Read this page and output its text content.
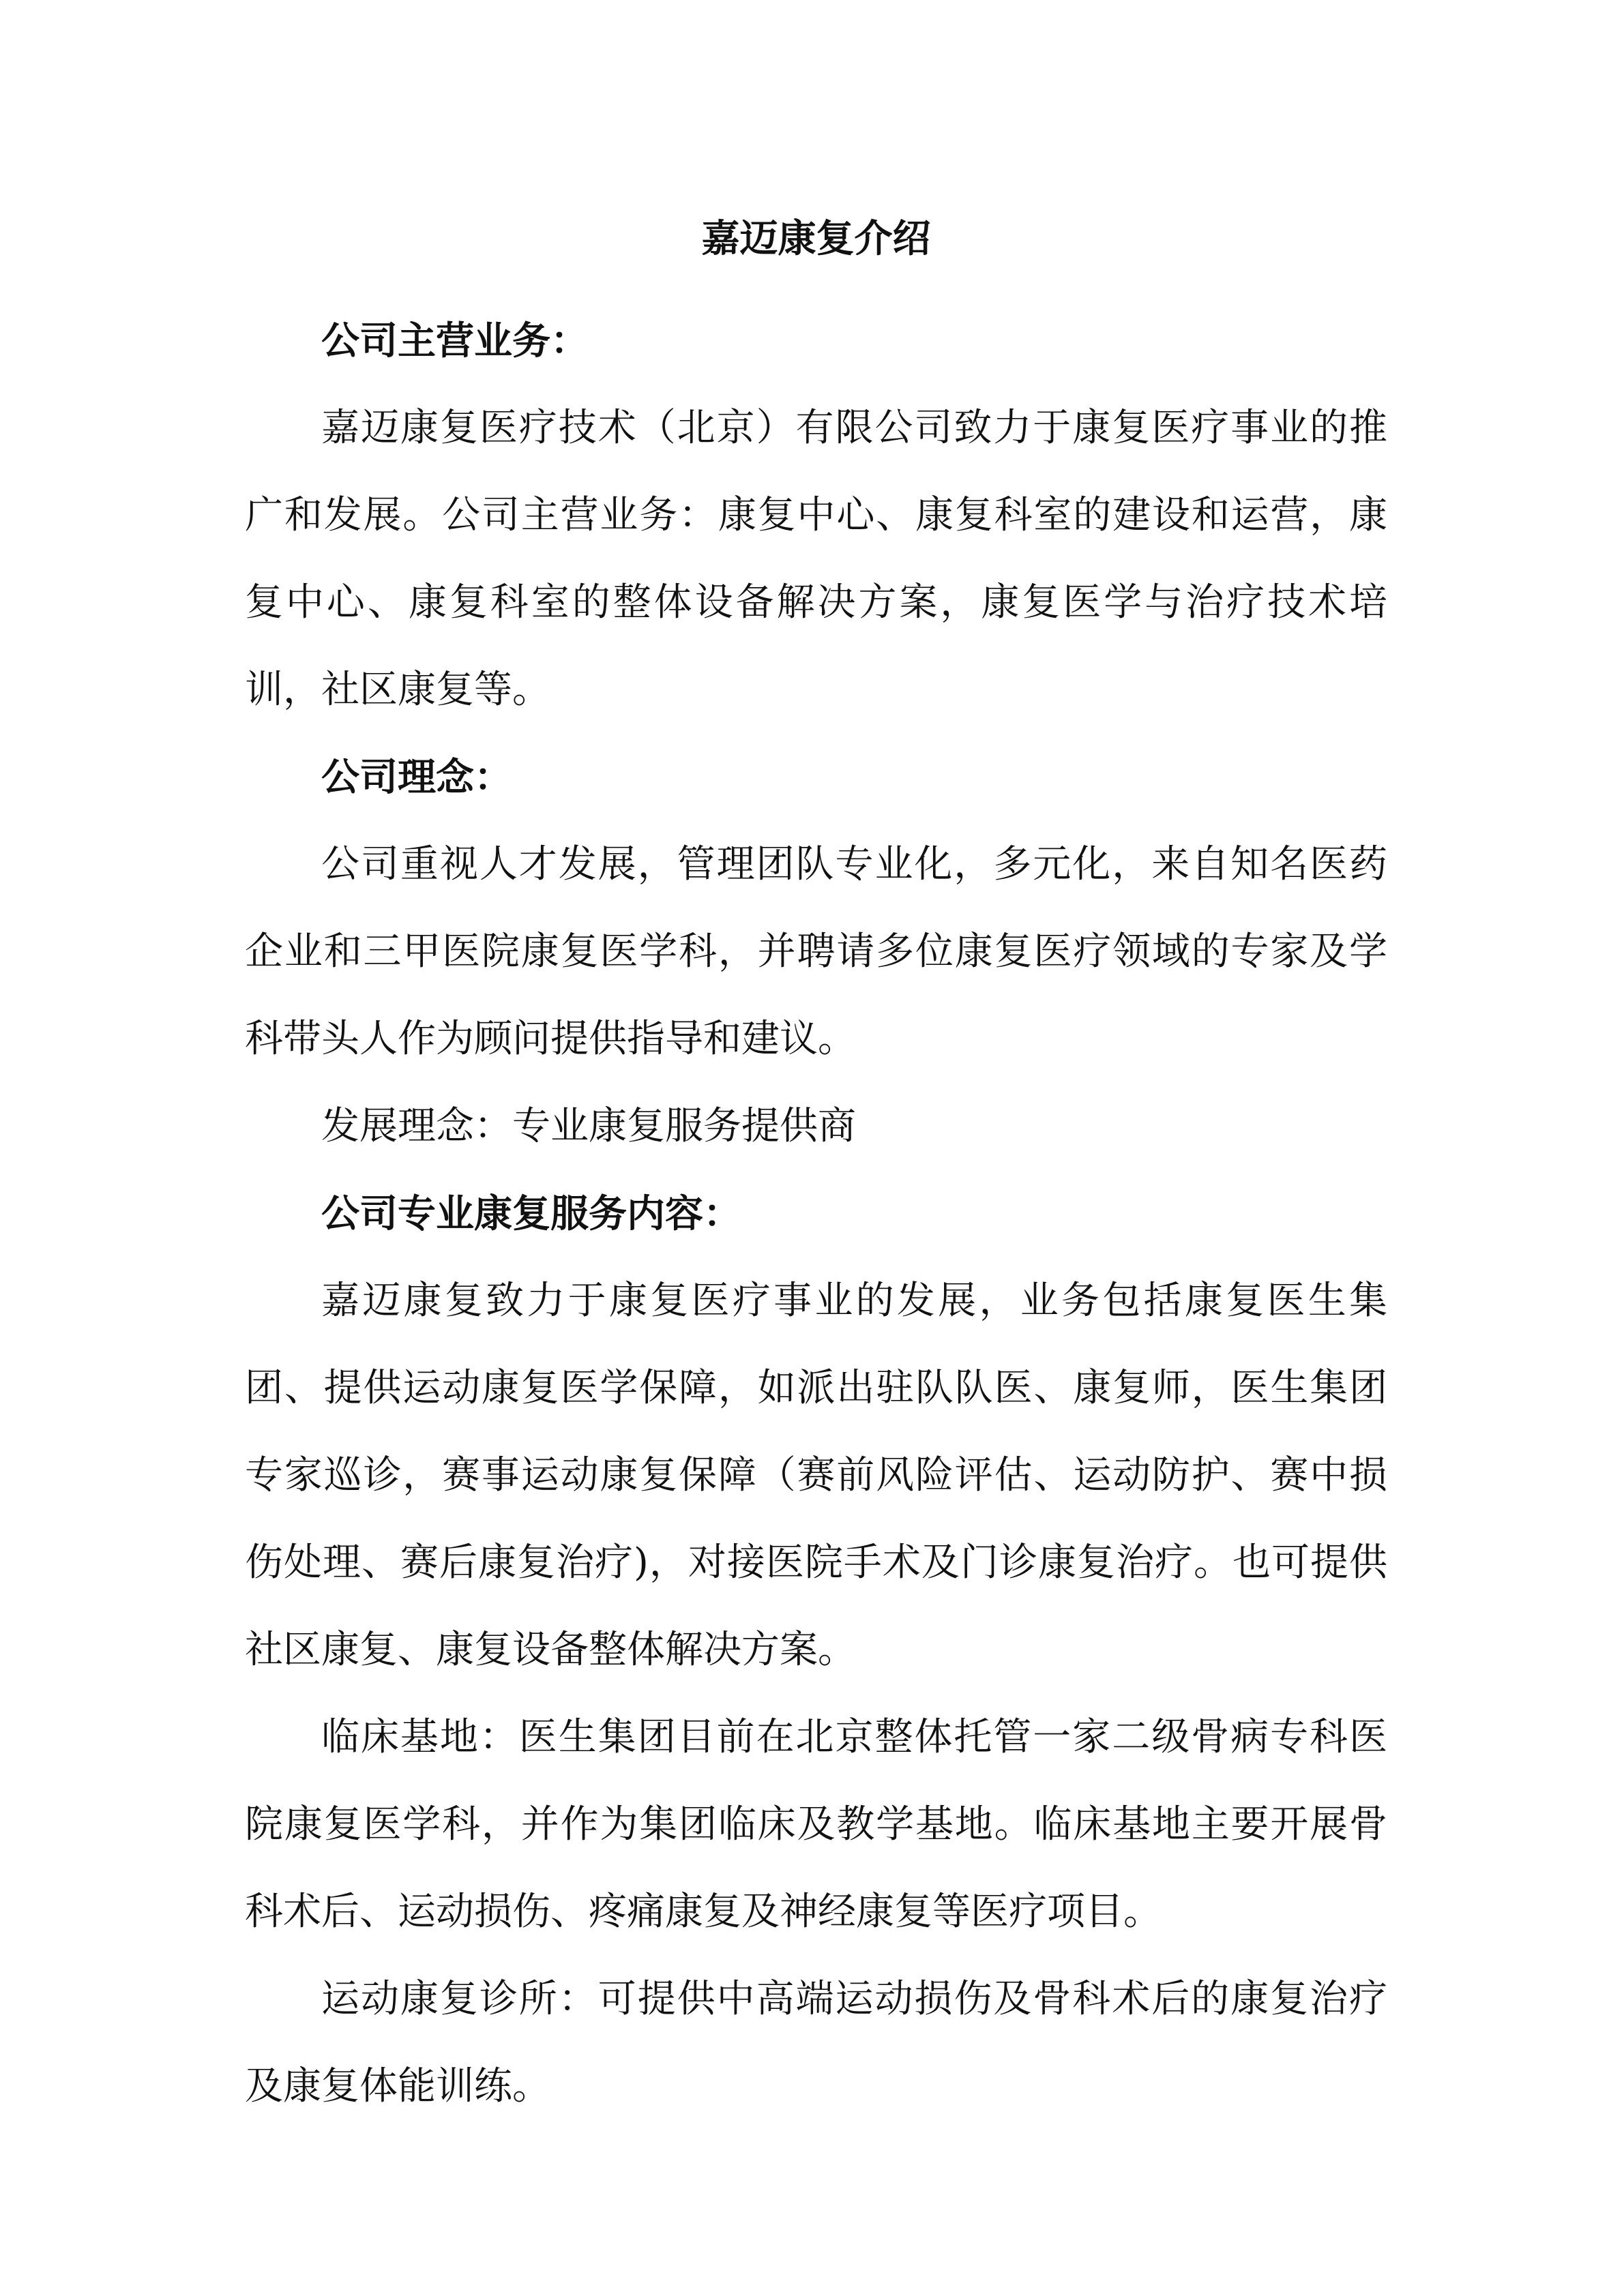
嘉迈康复介绍

公司主营业务：

嘉迈康复医疗技术（北京）有限公司致力于康复医疗事业的推广和发展。公司主营业务：康复中心、康复科室的建设和运营，康复中心、康复科室的整体设备解决方案，康复医学与治疗技术培训，社区康复等。

公司理念：

公司重视人才发展，管理团队专业化，多元化，来自知名医药企业和三甲医院康复医学科，并聘请多位康复医疗领域的专家及学科带头人作为顾问提供指导和建议。

发展理念：专业康复服务提供商

公司专业康复服务内容：

嘉迈康复致力于康复医疗事业的发展，业务包括康复医生集团、提供运动康复医学保障，如派出驻队队医、康复师，医生集团专家巡诊，赛事运动康复保障（赛前风险评估、运动防护、赛中损伤处理、赛后康复治疗)，对接医院手术及门诊康复治疗。也可提供社区康复、康复设备整体解决方案。

临床基地：医生集团目前在北京整体托管一家二级骨病专科医院康复医学科，并作为集团临床及教学基地。临床基地主要开展骨科术后、运动损伤、疼痛康复及神经康复等医疗项目。

运动康复诊所：可提供中高端运动损伤及骨科术后的康复治疗及康复体能训练。
